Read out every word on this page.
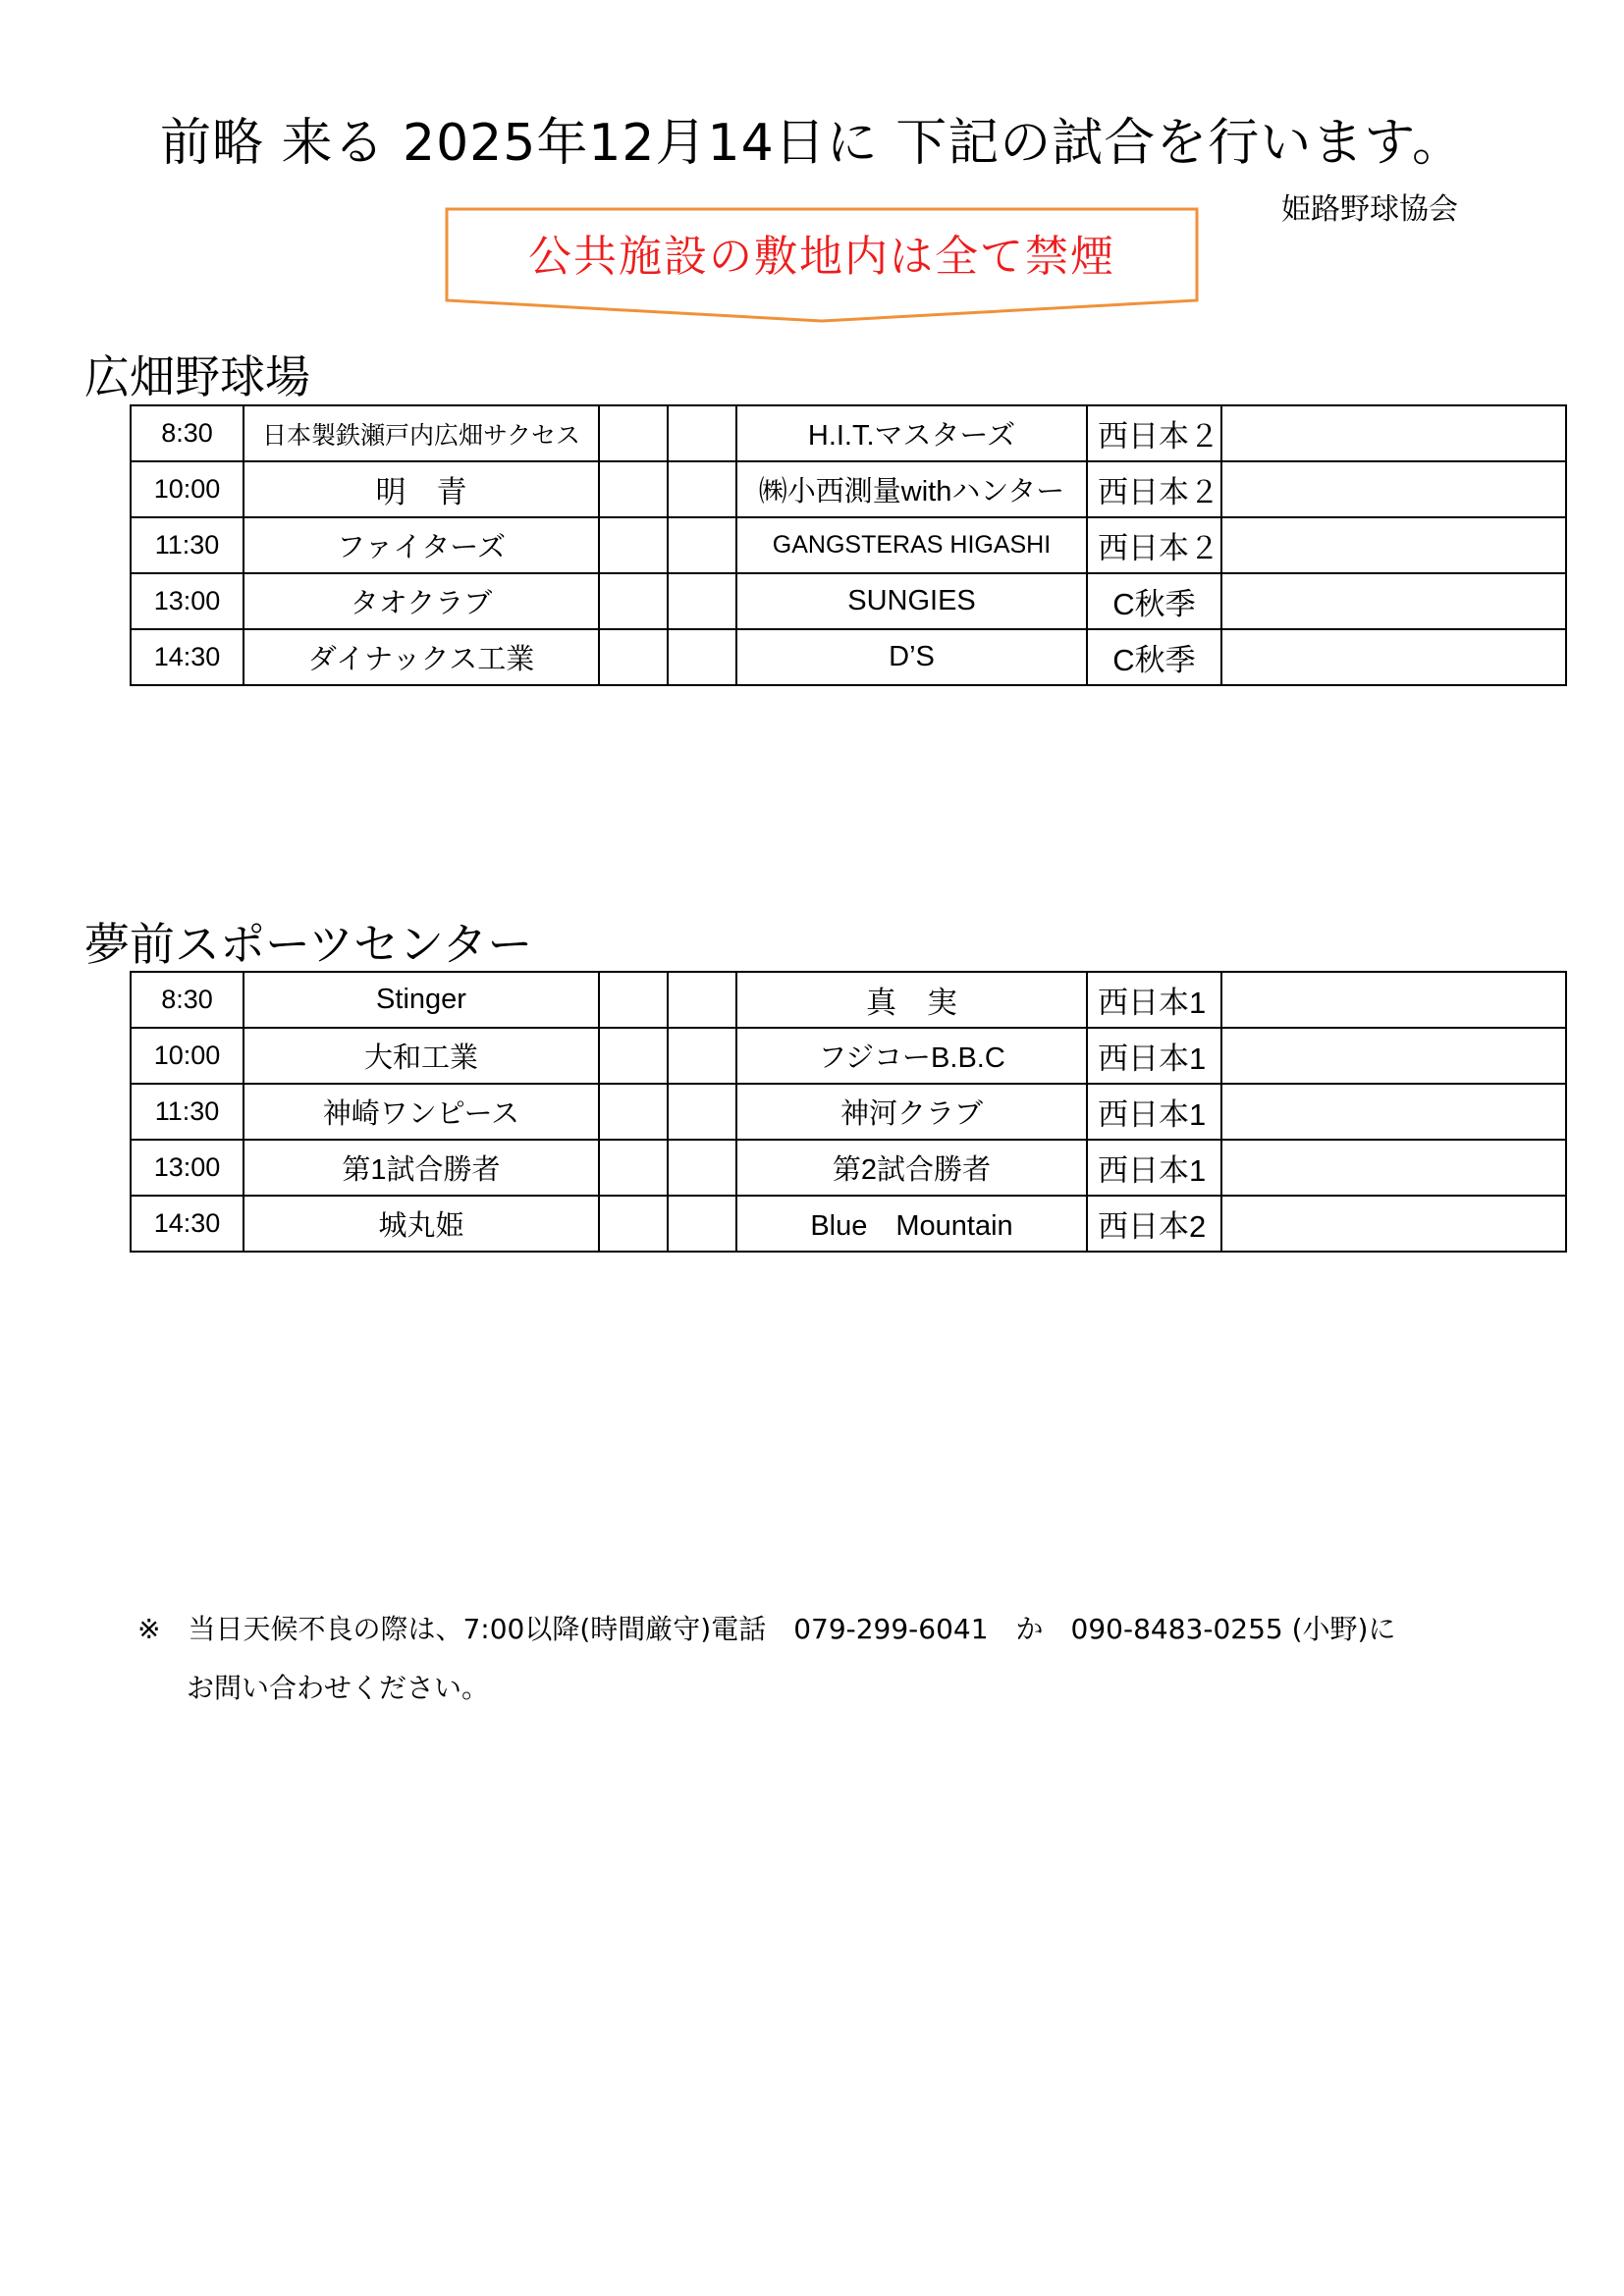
前略 来る 2025年12月14日に 下記の試合を行います。
姫路野球協会
公共施設の敷地内は全て禁煙
広畑野球場
8:30	日本製鉄瀬戸内広畑サクセス			H.I.T.マスターズ	西日本２	
10:00	明　青			㈱小西測量withハンター	西日本２	
11:30	ファイターズ			GANGSTERAS HIGASHI	西日本２	
13:00	タオクラブ			SUNGIES	C秋季	
14:30	ダイナックス工業			D’S	C秋季	
夢前スポーツセンター
8:30	Stinger			真　実	西日本1	
10:00	大和工業			フジコーB.B.C	西日本1	
11:30	神崎ワンピース			神河クラブ	西日本1	
13:00	第1試合勝者			第2試合勝者	西日本1	
14:30	城丸姫			Blue　Mountain	西日本2	
※　当日天候不良の際は、7:00以降(時間厳守)電話　079-299-6041　か　090-8483-0255 (小野)に
お問い合わせください。
